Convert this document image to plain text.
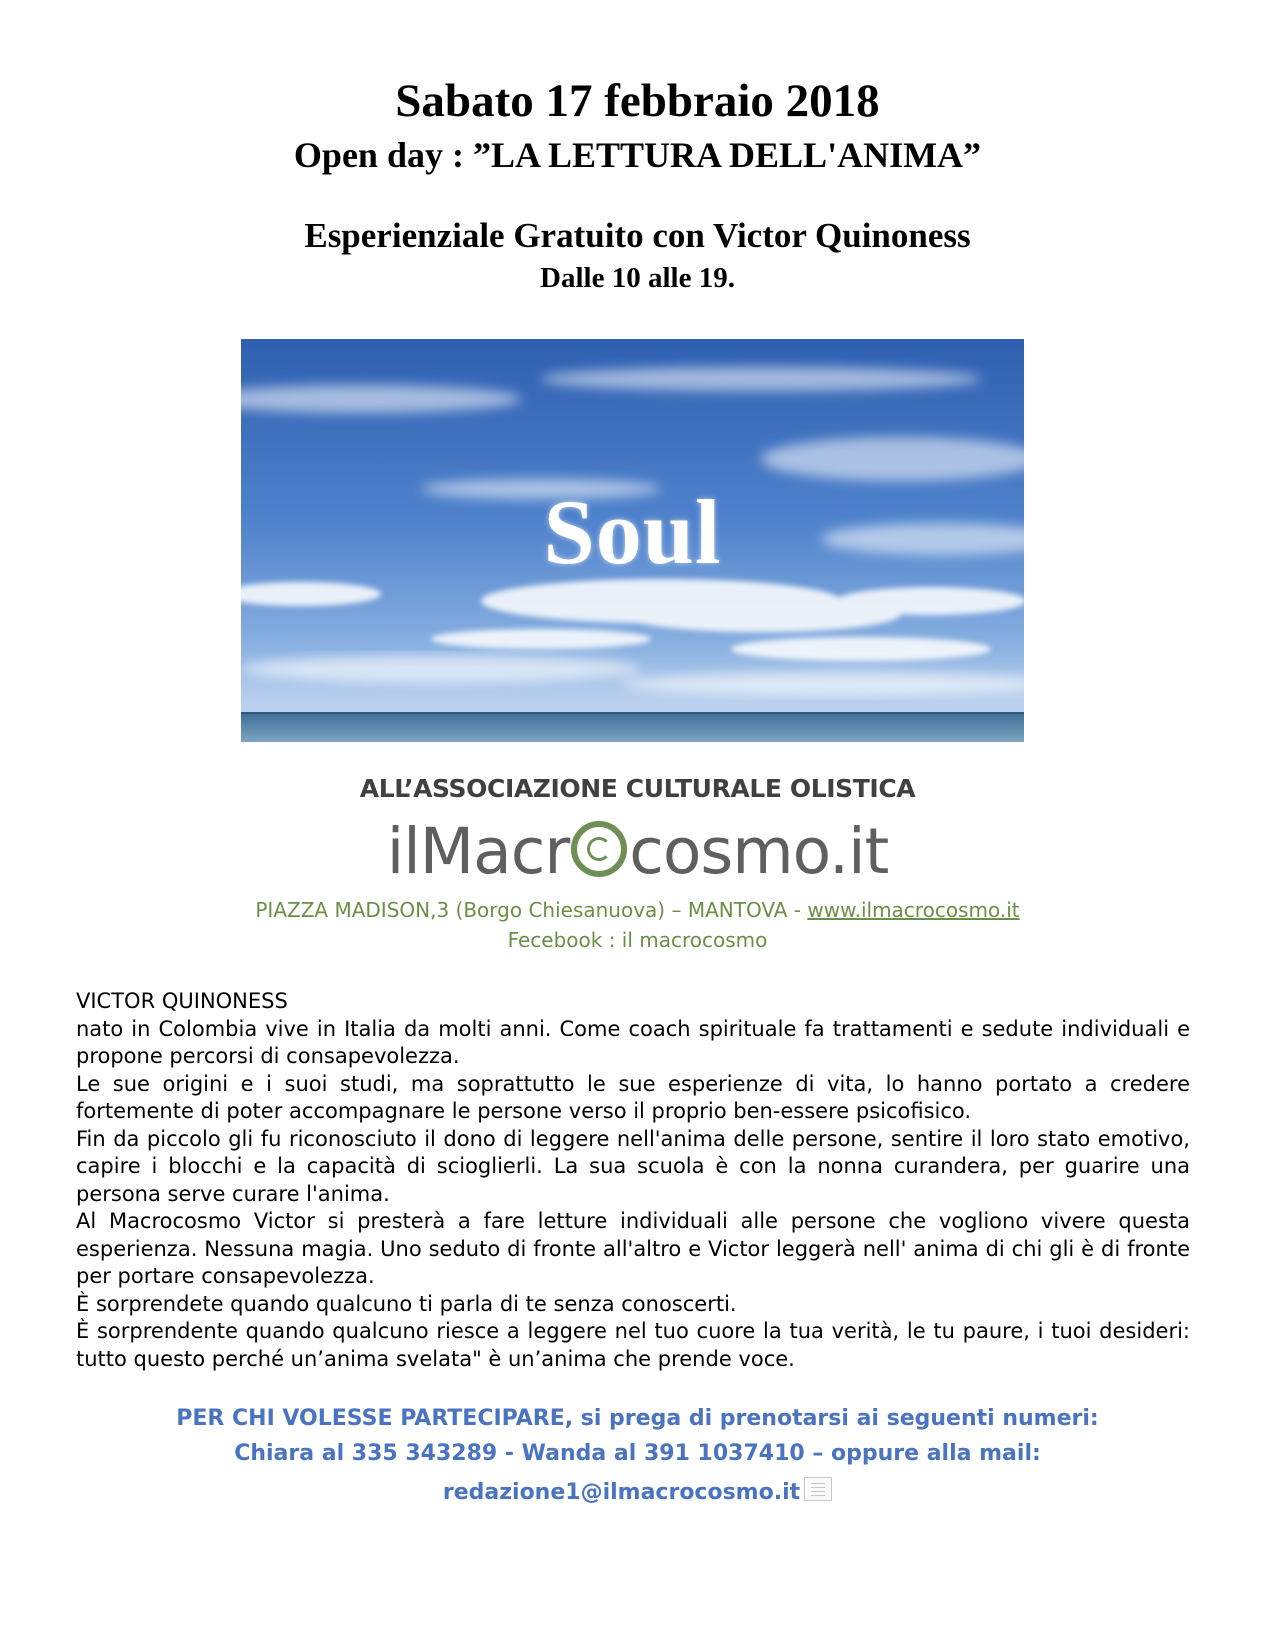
Sabato 17 febbraio 2018
Open day : ”LA LETTURA DELL'ANIMA”
Esperienziale Gratuito con Victor Quinoness
Dalle 10 alle 19.
Soul
ALL’ASSOCIAZIONE CULTURALE OLISTICA
ilMacr cosmo.it
PIAZZA MADISON,3 (Borgo Chiesanuova) – MANTOVA - www.ilmacrocosmo.it
Fecebook : il macrocosmo
VICTOR QUINONESS

nato in Colombia vive in Italia da molti anni. Come coach spirituale fa trattamenti e sedute individuali e propone percorsi di consapevolezza.

Le sue origini e i suoi studi, ma soprattutto le sue esperienze di vita, lo hanno portato a credere fortemente di poter accompagnare le persone verso il proprio ben-essere psicofisico.

Fin da piccolo gli fu riconosciuto il dono di leggere nell'anima delle persone, sentire il loro stato emotivo, capire i blocchi e la capacità di scioglierli. La sua scuola è con la nonna curandera, per guarire una persona serve curare l'anima.

Al Macrocosmo Victor si presterà a fare letture individuali alle persone che vogliono vivere questa esperienza. Nessuna magia. Uno seduto di fronte all'altro e Victor leggerà nell' anima di chi gli è di fronte per portare consapevolezza.

È sorprendete quando qualcuno ti parla di te senza conoscerti.

È sorprendente quando qualcuno riesce a leggere nel tuo cuore la tua verità, le tu paure, i tuoi desideri: tutto questo perché un’anima svelata" è un’anima che prende voce.

PER CHI VOLESSE PARTECIPARE, si prega di prenotarsi ai seguenti numeri:
Chiara al 335 343289 - Wanda al 391 1037410 – oppure alla mail:
redazione1@ilmacrocosmo.it
